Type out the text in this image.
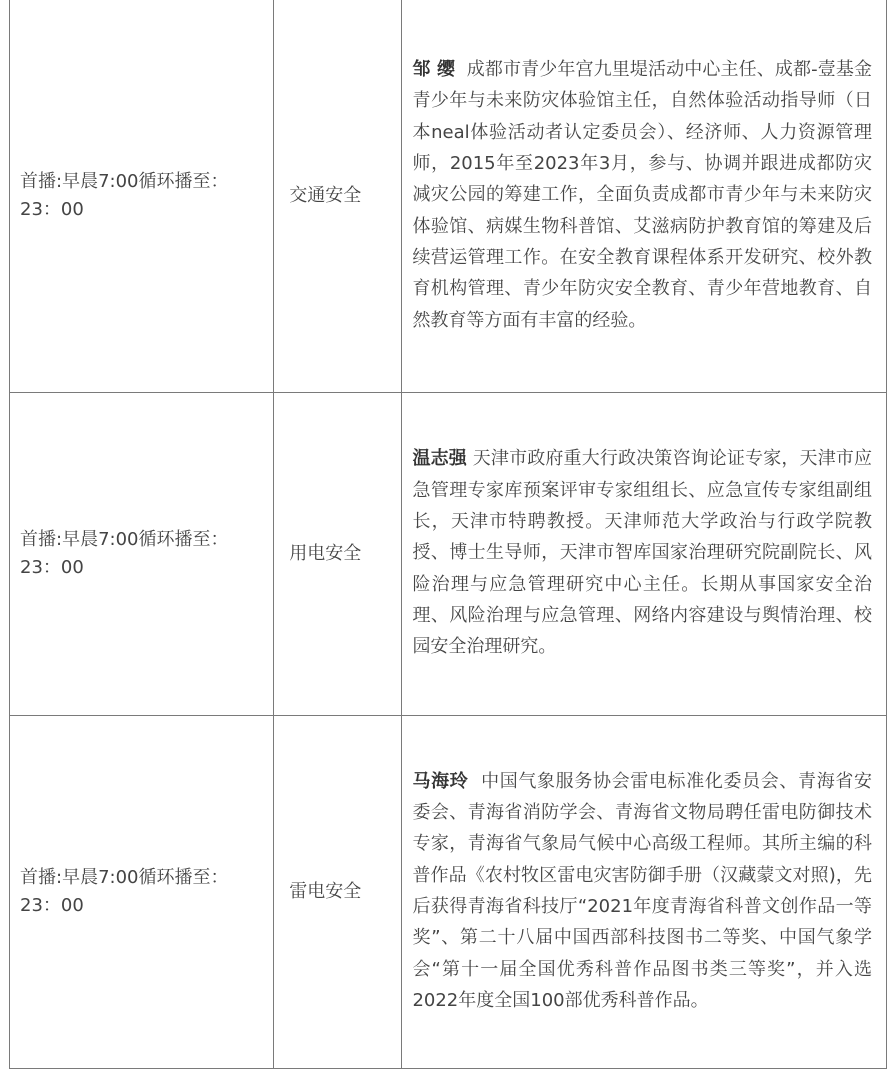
首播:早晨7:00循环播至：23：00	交通安全	邹 缨 成都市青少年宫九里堤活动中心主任、成都-壹基金青少年与未来防灾体验馆主任，自然体验活动指导师（日本neal体验活动者认定委员会）、经济师、人力资源管理师，2015年至2023年3月，参与、协调并跟进成都防灾减灾公园的筹建工作，全面负责成都市青少年与未来防灾体验馆、病媒生物科普馆、艾滋病防护教育馆的筹建及后续营运管理工作。在安全教育课程体系开发研究、校外教育机构管理、青少年防灾安全教育、青少年营地教育、自然教育等方面有丰富的经验。
首播:早晨7:00循环播至：23：00	用电安全	温志强 天津市政府重大行政决策咨询论证专家，天津市应急管理专家库预案评审专家组组长、应急宣传专家组副组长，天津市特聘教授。天津师范大学政治与行政学院教授、博士生导师，天津市智库国家治理研究院副院长、风险治理与应急管理研究中心主任。长期从事国家安全治理、风险治理与应急管理、网络内容建设与舆情治理、校园安全治理研究。
首播:早晨7:00循环播至：23：00	雷电安全	马海玲 中国气象服务协会雷电标准化委员会、青海省安委会、青海省消防学会、青海省文物局聘任雷电防御技术专家，青海省气象局气候中心高级工程师。其所主编的科普作品《农村牧区雷电灾害防御手册（汉藏蒙文对照)，先后获得青海省科技厅“2021年度青海省科普文创作品一等奖”、第二十八届中国西部科技图书二等奖、中国气象学会“第十一届全国优秀科普作品图书类三等奖”，并入选2022年度全国100部优秀科普作品。
